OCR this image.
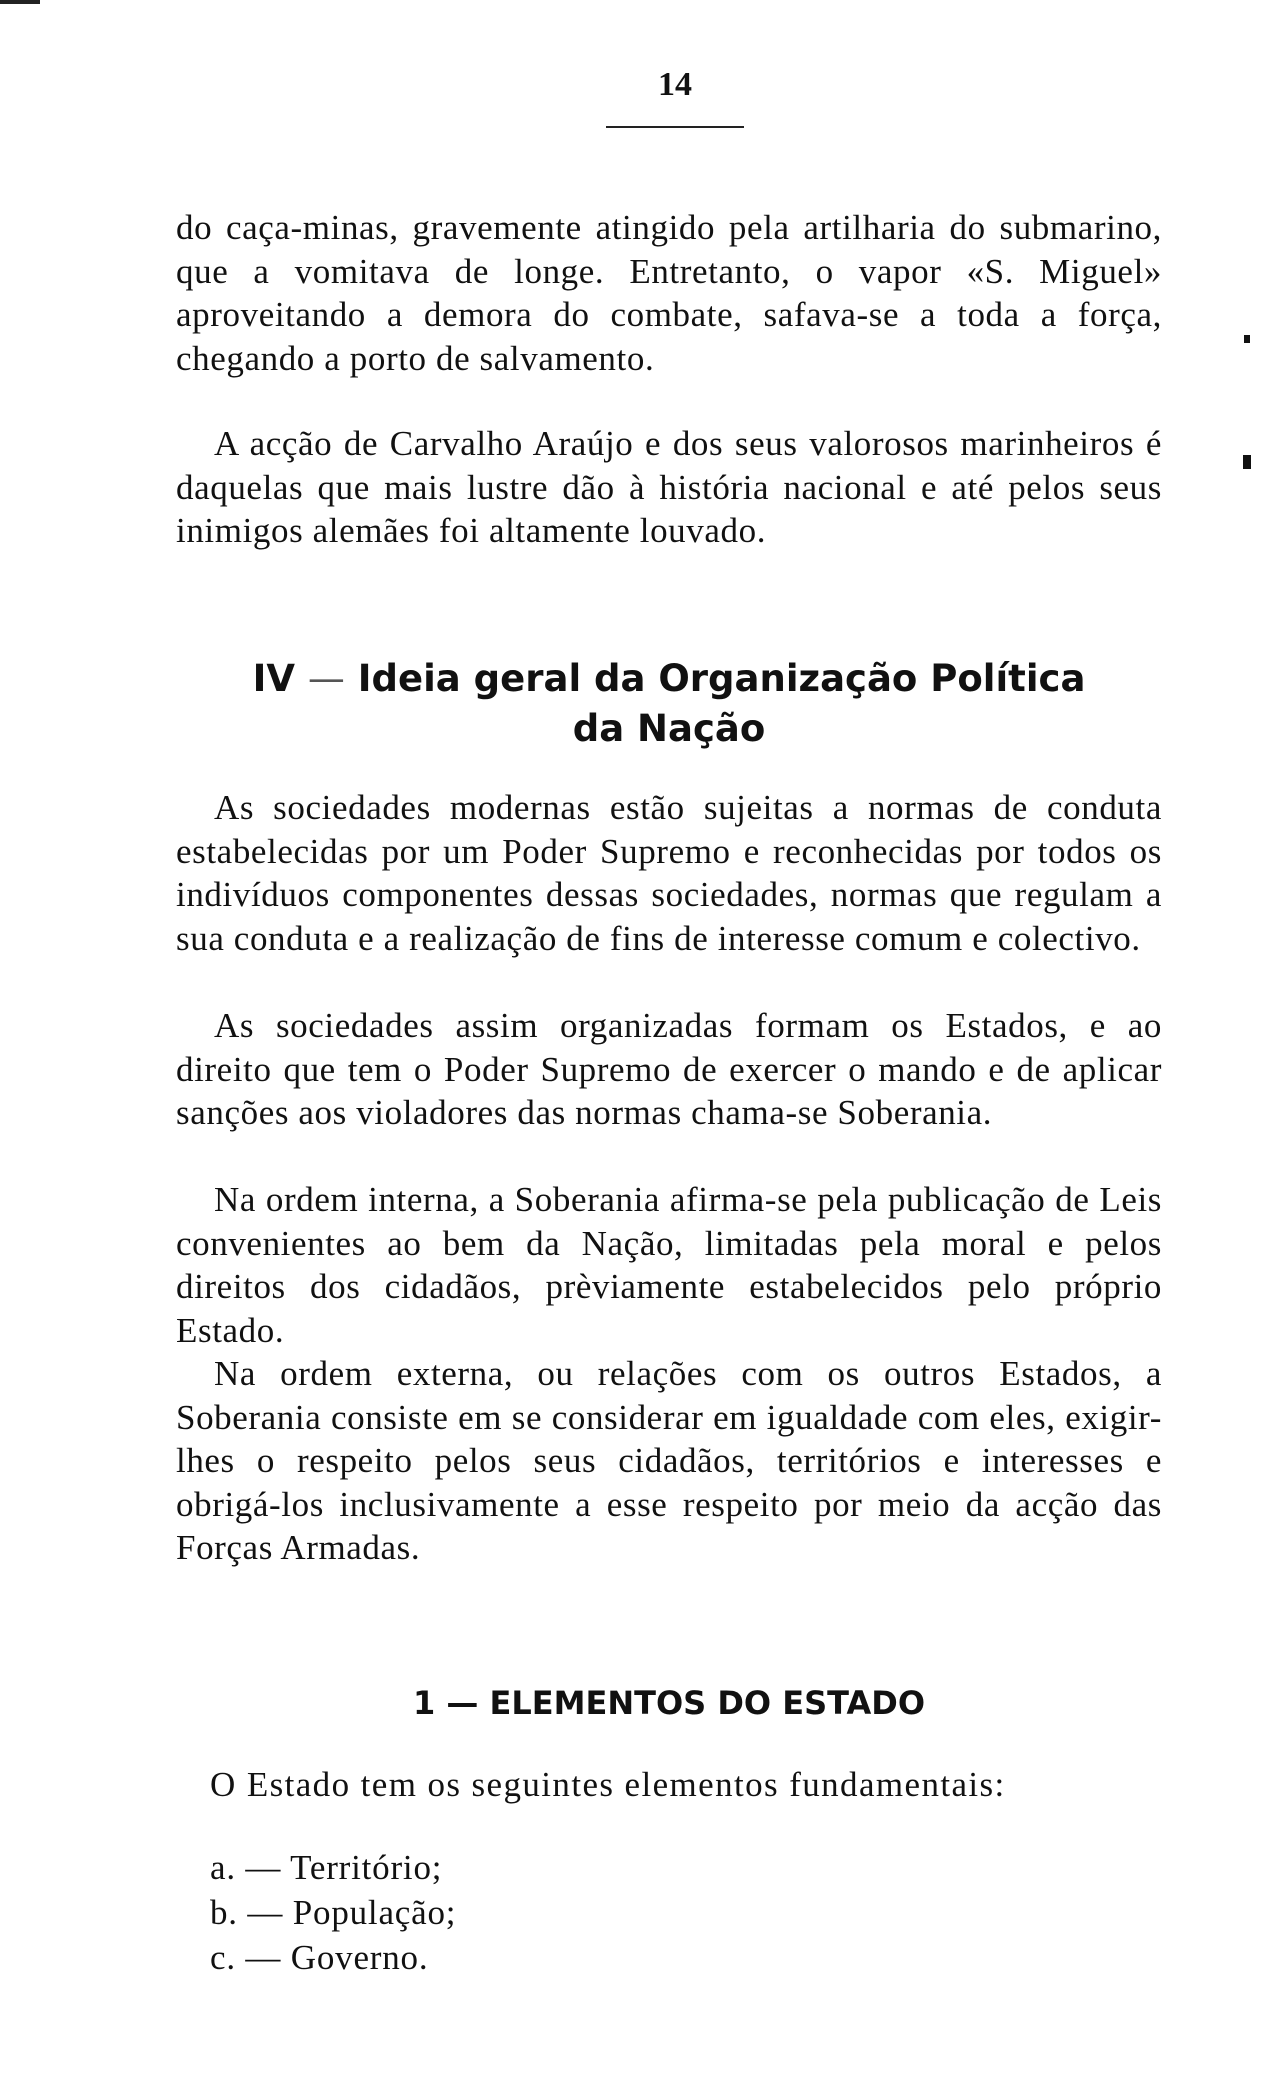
14

do caça-minas, gravemente atingido pela artilharia do submarino, que a vomitava de longe. Entretanto, o vapor «S. Miguel» aproveitando a demora do combate, safava-se a toda a força, chegando a porto de salvamento.

A acção de Carvalho Araújo e dos seus valorosos marinheiros é daquelas que mais lustre dão à história nacional e até pelos seus inimigos alemães foi altamente louvado.

IV — Ideia geral da Organização Política
da Nação

As sociedades modernas estão sujeitas a normas de conduta estabelecidas por um Poder Supremo e reconhecidas por todos os indivíduos componentes dessas sociedades, normas que regulam a sua conduta e a realização de fins de interesse comum e colectivo.

As sociedades assim organizadas formam os Estados, e ao direito que tem o Poder Supremo de exercer o mando e de aplicar sanções aos violadores das normas chama-se Soberania.

Na ordem interna, a Soberania afirma-se pela publicação de Leis convenientes ao bem da Nação, limitadas pela moral e pelos direitos dos cidadãos, prèviamente estabelecidos pelo próprio Estado.

Na ordem externa, ou relações com os outros Estados, a Soberania consiste em se considerar em igualdade com eles, exigir-lhes o respeito pelos seus cidadãos, territórios e interesses e obrigá-los inclusivamente a esse respeito por meio da acção das Forças Armadas.

1 — ELEMENTOS DO ESTADO

O Estado tem os seguintes elementos fundamentais:

a. — Território;
b. — População;
c. — Governo.
